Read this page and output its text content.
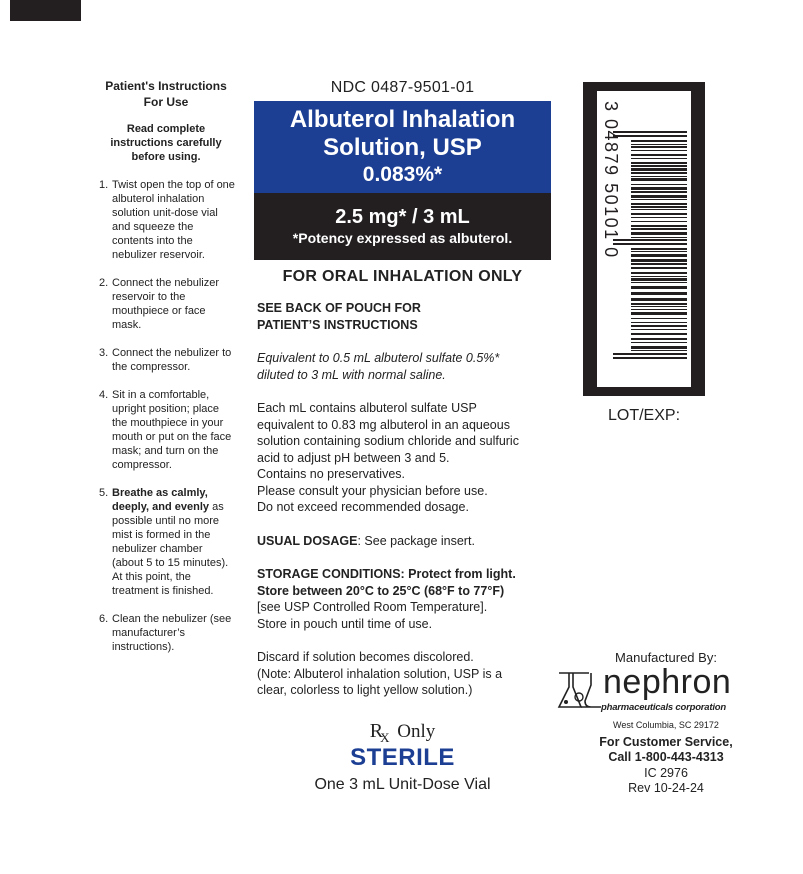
Patient's Instructions
For Use
Read complete
instructions carefully
before using.
1. Twist open the top of one albuterol inhalation solution unit-dose vial and squeeze the contents into the nebulizer reservoir.
2. Connect the nebulizer reservoir to the mouthpiece or face mask.
3. Connect the nebulizer to the compressor.
4. Sit in a comfortable, upright position; place the mouthpiece in your mouth or put on the face mask; and turn on the compressor.
5. Breathe as calmly, deeply, and evenly as possible until no more mist is formed in the nebulizer chamber (about 5 to 15 minutes). At this point, the treatment is finished.
6. Clean the nebulizer (see manufacturer’s instructions).
NDC 0487-9501-01
Albuterol Inhalation
Solution, USP
0.083%*
2.5 mg* / 3 mL
*Potency expressed as albuterol.
FOR ORAL INHALATION ONLY

SEE BACK OF POUCH FOR
PATIENT’S INSTRUCTIONS

Equivalent to 0.5 mL albuterol sulfate 0.5%*
diluted to 3 mL with normal saline.

Each mL contains albuterol sulfate USP
equivalent to 0.83 mg albuterol in an aqueous
solution containing sodium chloride and sulfuric
acid to adjust pH between 3 and 5.
Contains no preservatives.
Please consult your physician before use.
Do not exceed recommended dosage.

USUAL DOSAGE: See package insert.

STORAGE CONDITIONS: Protect from light.
Store between 20°C to 25°C (68°F to 77°F)
[see USP Controlled Room Temperature].
Store in pouch until time of use.

Discard if solution becomes discolored.
(Note: Albuterol inhalation solution, USP is a
clear, colorless to light yellow solution.)

$R_X$ Only
STERILE
One 3 mL Unit-Dose Vial
3 04879 50101 0
LOT/EXP:
Manufactured By:
nephron
pharmaceuticals corporation
West Columbia, SC 29172
For Customer Service,
Call 1-800-443-4313
IC 2976
Rev 10-24-24
